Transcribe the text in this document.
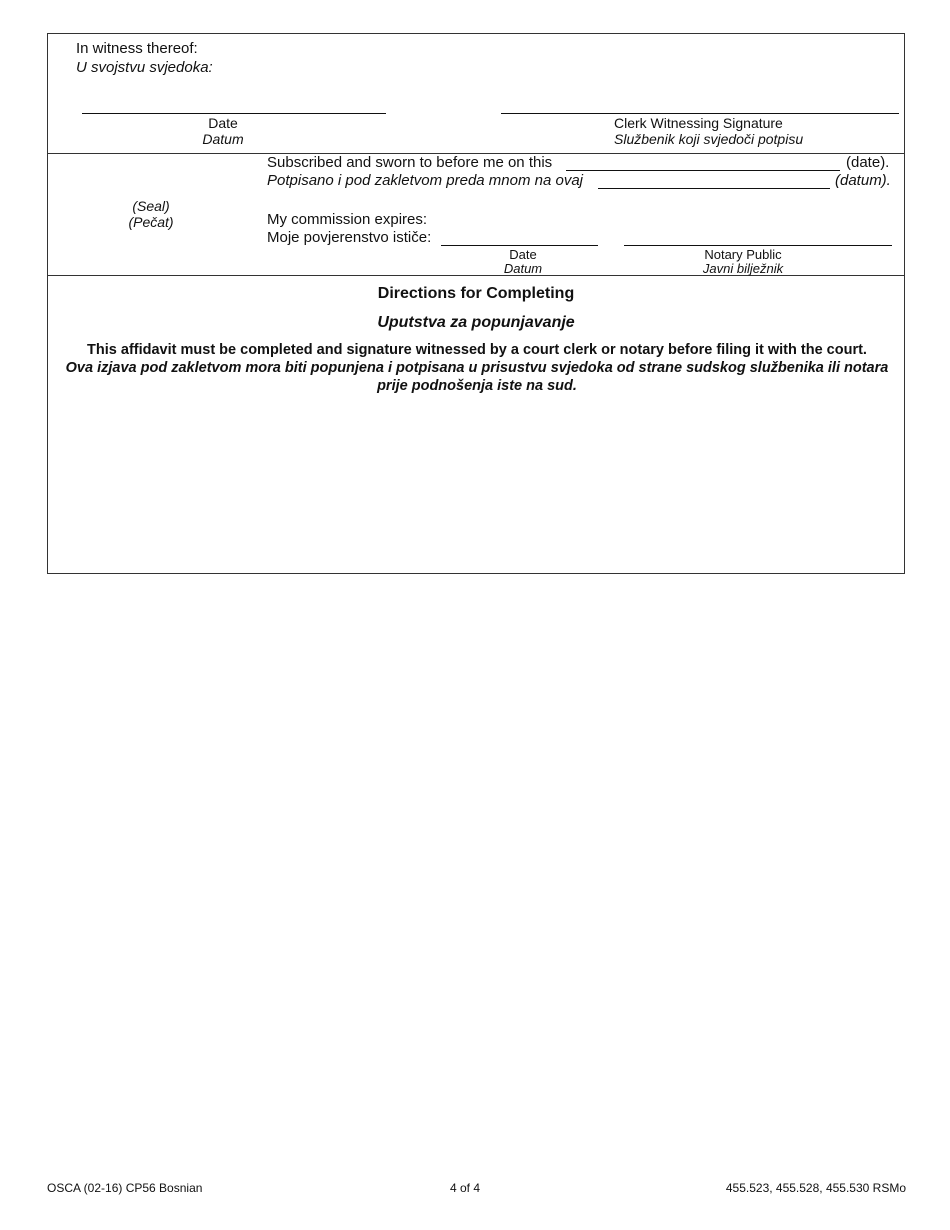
In witness thereof:
U svojstvu svjedoka:
Date
Datum
Clerk Witnessing Signature
Službenik koji svjedoči potpisu
(Seal)
(Pečat)
Subscribed and sworn to before me on this	(date).
Potpisano i pod zakletvom preda mnom na ovaj	(datum).
My commission expires:
Moje povjerenstvo ističe:
Date
Datum
Notary Public
Javni bilježnik
Directions for Completing
Uputstva za popunjavanje
This affidavit must be completed and signature witnessed by a court clerk or notary before filing it with the court.
Ova izjava pod zakletvom mora biti popunjena i potpisana u prisustvu svjedoka od strane sudskog službenika ili notara prije podnošenja iste na sud.
OSCA (02-16) CP56 Bosnian	4 of 4	455.523, 455.528, 455.530 RSMo
